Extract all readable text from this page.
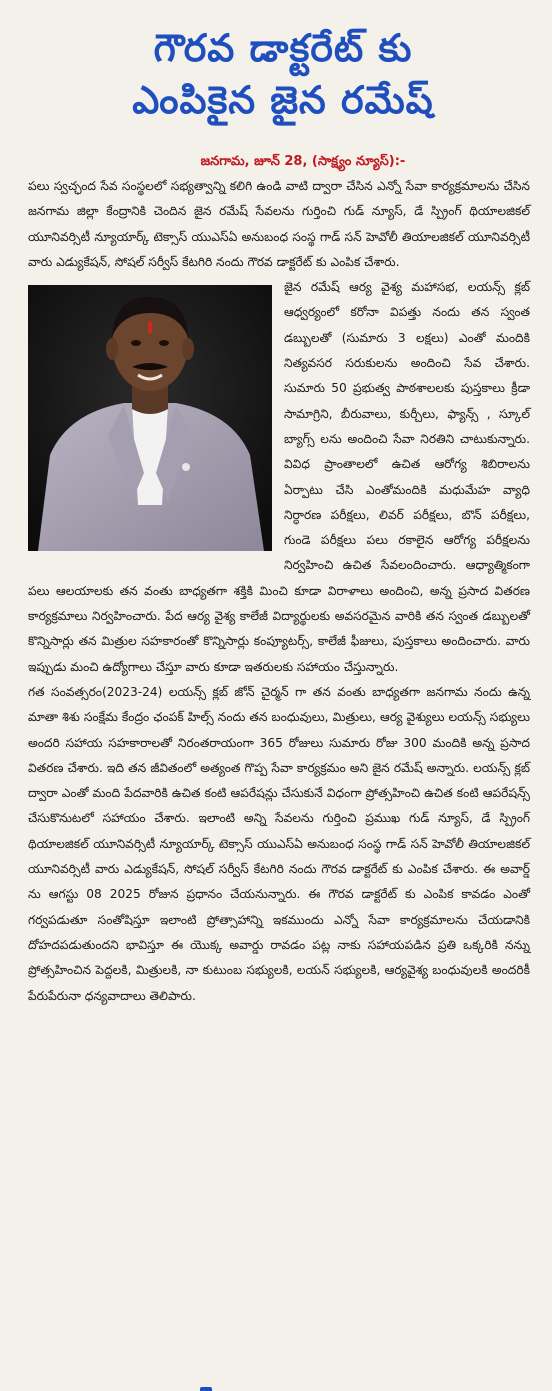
గౌరవ డాక్టరేట్ కు
ఎంపికైన జైన రమేష్
జనగామ, జూన్ 28, (సాక్ష్యం న్యూస్):-

పలు స్వచ్ఛంద సేవ సంస్థలలో సభ్యత్వాన్ని కలిగి ఉండి వాటి ద్వారా చేసిన ఎన్నో సేవా కార్యక్రమాలను చేసిన జనగామ జిల్లా కేంద్రానికి చెందిన జైన రమేష్ సేవలను గుర్తించి గుడ్ న్యూస్, డే స్ప్రింగ్ థియాలజికల్ యూనివర్సిటీ న్యూయార్క్ టెక్సాస్ యుఎస్ఏ అనుబంధ సంస్థ గాడ్ సన్ హెవోలీ తియాలజికల్ యూనివర్సిటీ వారు ఎడ్యుకేషన్, సోషల్ సర్వీస్ కేటగిరి నందు గౌరవ డాక్టరేట్ కు ఎంపిక చేశారు.

జైన రమేష్ ఆర్య వైశ్య మహాసభ, లయన్స్ క్లబ్ ఆధ్వర్యంలో కరోనా విపత్తు నందు తన స్వంత డబ్బులతో (సుమారు 3 లక్షలు) ఎంతో మందికి నిత్యవసర సరుకులను అందించి సేవ చేశారు. సుమారు 50 ప్రభుత్వ పాఠశాలలకు పుస్తకాలు క్రీడా సామాగ్రిని, బీరువాలు, కుర్చీలు, ఫ్యాన్స్ , స్కూల్ బ్యాగ్స్ లను అందించి సేవా నిరతిని చాటుకున్నారు. వివిధ ప్రాంతాలలో ఉచిత ఆరోగ్య శిబిరాలను ఏర్పాటు చేసి ఎంతోమందికి మధుమేహ వ్యాధి నిర్ధారణ పరీక్షలు, లివర్ పరీక్షలు, బొన్ పరీక్షలు, గుండె పరీక్షలు పలు రకాలైన ఆరోగ్య పరీక్షలను నిర్వహించి ఉచిత సేవలందించారు. ఆధ్యాత్మికంగా పలు ఆలయాలకు తన వంతు బాధ్యతగా శక్తికి మించి కూడా విరాళాలు అందించి, అన్న ప్రసాద వితరణ కార్యక్రమాలు నిర్వహించారు. పేద ఆర్య వైశ్య కాలేజీ విద్యార్థులకు అవసరమైన వారికి తన స్వంత డబ్బులతో కొన్నిసార్లు తన మిత్రుల సహకారంతో కొన్నిసార్లు కంప్యూటర్స్, కాలేజీ ఫీజులు, పుస్తకాలు అందించారు. వారు ఇప్పుడు మంచి ఉద్యోగాలు చేస్తూ వారు కూడా ఇతరులకు సహాయం చేస్తున్నారు.

గత సంవత్సరం(2023-24) లయన్స్ క్లబ్ జోన్ చైర్మన్ గా తన వంతు బాధ్యతగా జనగామ నందు ఉన్న మాతా శిశు సంక్షేమ కేంద్రం ఛంపక్ హిల్స్ నందు తన బంధువులు, మిత్రులు, ఆర్య వైశ్యులు లయన్స్ సభ్యులు అందరి సహాయ సహకారాలతో నిరంతరాయంగా 365 రోజులు సుమారు రోజు 300 మందికి అన్న ప్రసాద వితరణ చేశారు. ఇది తన జీవితంలో అత్యంత గొప్ప సేవా కార్యక్రమం అని జైన రమేష్ అన్నారు. లయన్స్ క్లబ్ ద్వారా ఎంతో మంది పేదవారికి ఉచిత కంటి ఆపరేషన్లు చేసుకునే విధంగా ప్రోత్సహించి ఉచిత కంటి ఆపరేషన్స్ చేసుకొనుటలో సహాయం చేశారు. ఇలాంటి అన్ని సేవలను గుర్తించి ప్రముఖ గుడ్ న్యూస్, డే స్ప్రింగ్ థియాలజికల్ యూనివర్సిటీ న్యూయార్క్ టెక్సాస్ యుఎస్ఏ అనుబంధ సంస్థ గాడ్ సన్ హెవోలీ తియాలజికల్ యూనివర్సిటీ వారు ఎడ్యుకేషన్, సోషల్ సర్వీస్ కేటగిరి నందు గౌరవ డాక్టరేట్ కు ఎంపిక చేశారు. ఈ అవార్డ్ ను ఆగస్టు 08 2025 రోజున ప్రధానం చేయనున్నారు. ఈ గౌరవ డాక్టరేట్ కు ఎంపిక కావడం ఎంతో గర్వపడుతూ సంతోషిస్తూ ఇలాంటి ప్రోత్సాహాన్ని ఇకముందు ఎన్నో సేవా కార్యక్రమాలను చేయడానికి దోహదపడుతుందని భావిస్తూ ఈ యొక్క అవార్డు రావడం పట్ల నాకు సహాయపడిన ప్రతి ఒక్కరికి నన్ను ప్రోత్సహించిన పెద్దలకి, మిత్రులకి, నా కుటుంబ సభ్యులకి, లయన్ సభ్యులకి, ఆర్యవైశ్య బంధువులకి అందరికీ పేరుపేరునా ధన్యవాదాలు తెలిపారు.
